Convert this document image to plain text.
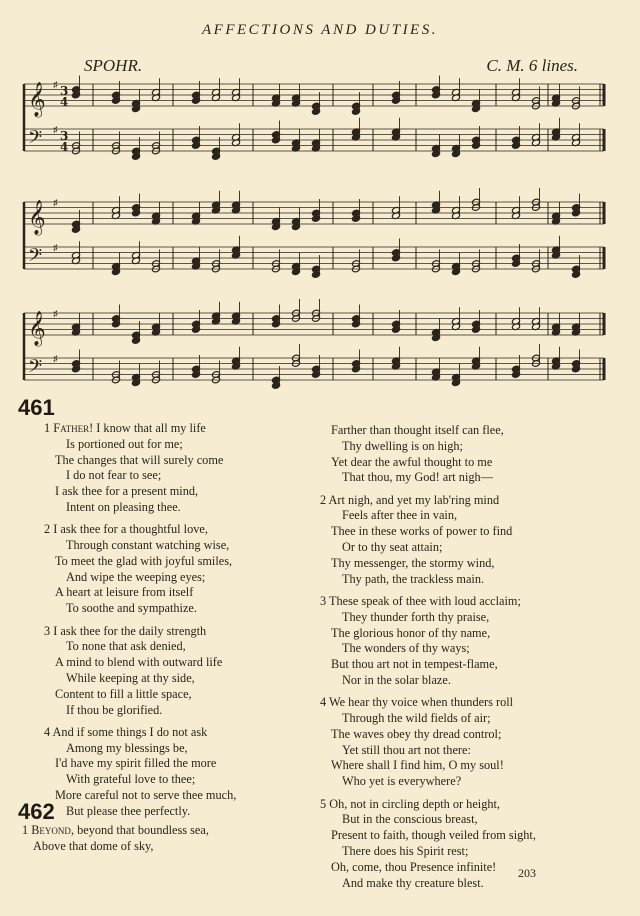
AFFECTIONS AND DUTIES.
SPOHR.	C. M. 6 lines.
𝄞 3
4
♯
𝄢 3
4
♯
𝄞 ♯
𝄢 ♯
𝄞 ♯
𝄢 ♯
461
1 Father! I know that all my life
Is portioned out for me;
The changes that will surely come
I do not fear to see;
I ask thee for a present mind,
Intent on pleasing thee.
2 I ask thee for a thoughtful love,
Through constant watching wise,
To meet the glad with joyful smiles,
And wipe the weeping eyes;
A heart at leisure from itself
To soothe and sympathize.
3 I ask thee for the daily strength
To none that ask denied,
A mind to blend with outward life
While keeping at thy side,
Content to fill a little space,
If thou be glorified.
4 And if some things I do not ask
Among my blessings be,
I'd have my spirit filled the more
With grateful love to thee;
More careful not to serve thee much,
But please thee perfectly.
462
1 Beyond, beyond that boundless sea,
Above that dome of sky,
Farther than thought itself can flee,
Thy dwelling is on high;
Yet dear the awful thought to me
That thou, my God! art nigh—
2 Art nigh, and yet my lab'ring mind
Feels after thee in vain,
Thee in these works of power to find
Or to thy seat attain;
Thy messenger, the stormy wind,
Thy path, the trackless main.
3 These speak of thee with loud acclaim;
They thunder forth thy praise,
The glorious honor of thy name,
The wonders of thy ways;
But thou art not in tempest-flame,
Nor in the solar blaze.
4 We hear thy voice when thunders roll
Through the wild fields of air;
The waves obey thy dread control;
Yet still thou art not there:
Where shall I find him, O my soul!
Who yet is everywhere?
5 Oh, not in circling depth or height,
But in the conscious breast,
Present to faith, though veiled from sight,
There does his Spirit rest;
Oh, come, thou Presence infinite!
And make thy creature blest.
203
